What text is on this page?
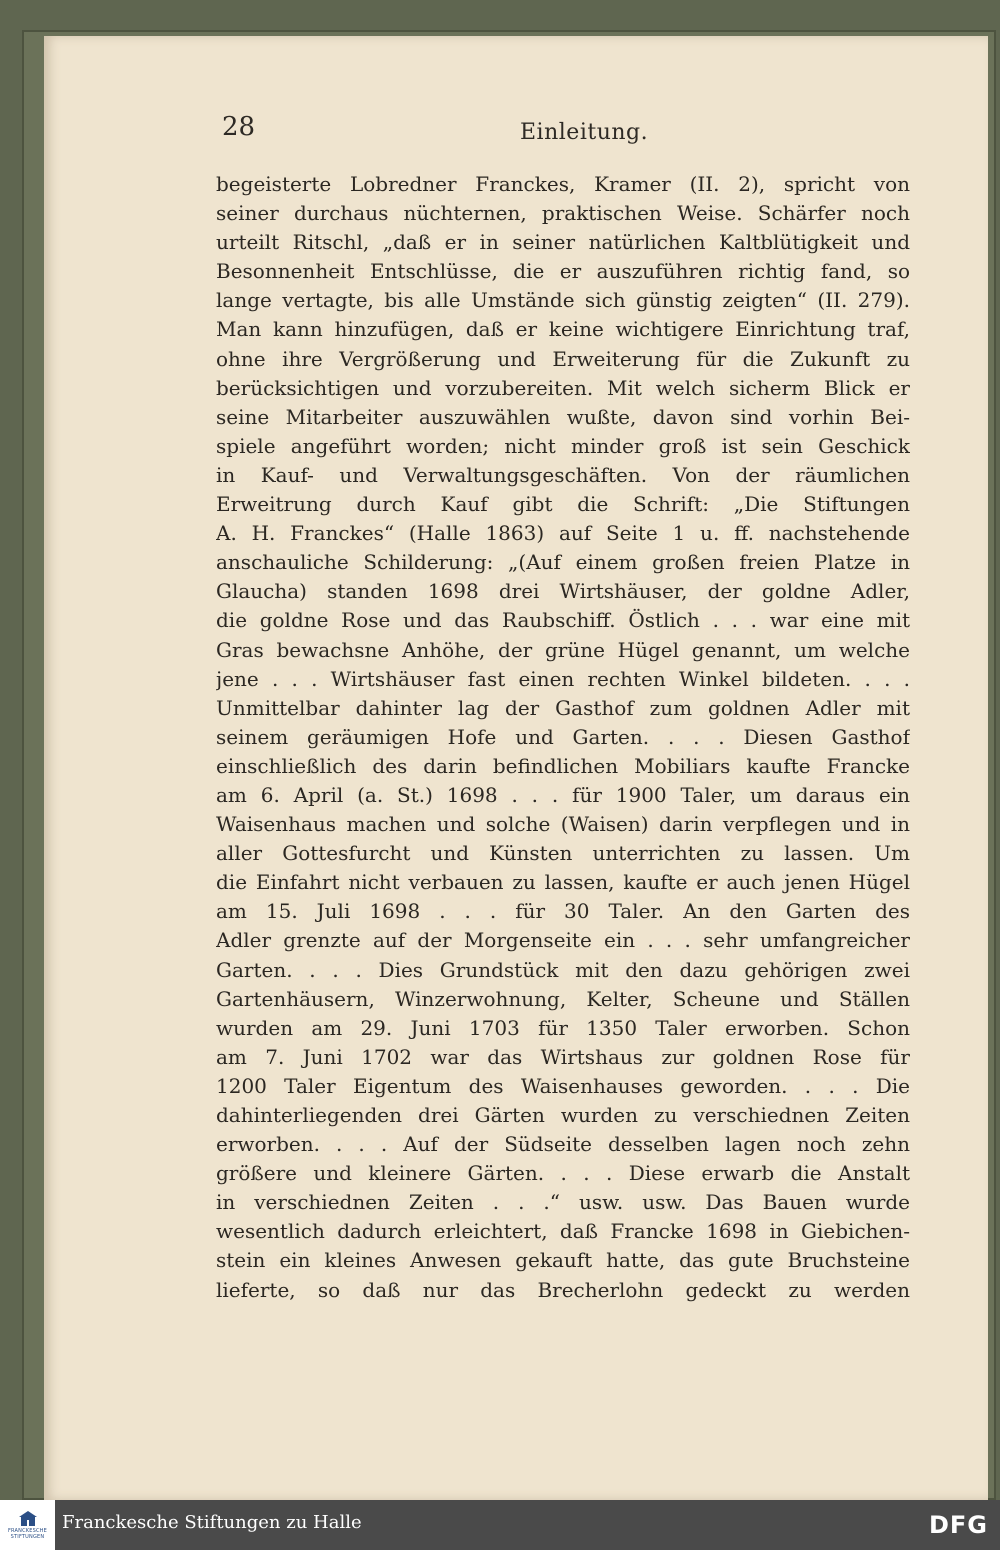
28	Einleitung.
begeisterte Lobredner Franckes, Kramer (II. 2), spricht von
seiner durchaus nüchternen, praktischen Weise. Schärfer noch
urteilt Ritschl, „daß er in seiner natürlichen Kaltblütigkeit und
Besonnenheit Entschlüsse, die er auszuführen richtig fand, so
lange vertagte, bis alle Umstände sich günstig zeigten“ (II. 279).
Man kann hinzufügen, daß er keine wichtigere Einrichtung traf,
ohne ihre Vergrößerung und Erweiterung für die Zukunft zu
berücksichtigen und vorzubereiten. Mit welch sicherm Blick er
seine Mitarbeiter auszuwählen wußte, davon sind vorhin Bei-
spiele angeführt worden; nicht minder groß ist sein Geschick
in Kauf- und Verwaltungsgeschäften. Von der räumlichen
Erweitrung durch Kauf gibt die Schrift: „Die Stiftungen
A. H. Franckes“ (Halle 1863) auf Seite 1 u. ff. nachstehende
anschauliche Schilderung: „(Auf einem großen freien Platze in
Glaucha) standen 1698 drei Wirtshäuser, der goldne Adler,
die goldne Rose und das Raubschiff. Östlich . . . war eine mit
Gras bewachsne Anhöhe, der grüne Hügel genannt, um welche
jene . . . Wirtshäuser fast einen rechten Winkel bildeten. . . .
Unmittelbar dahinter lag der Gasthof zum goldnen Adler mit
seinem geräumigen Hofe und Garten. . . . Diesen Gasthof
einschließlich des darin befindlichen Mobiliars kaufte Francke
am 6. April (a. St.) 1698 . . . für 1900 Taler, um daraus ein
Waisenhaus machen und solche (Waisen) darin verpflegen und in
aller Gottesfurcht und Künsten unterrichten zu lassen. Um
die Einfahrt nicht verbauen zu lassen, kaufte er auch jenen Hügel
am 15. Juli 1698 . . . für 30 Taler. An den Garten des
Adler grenzte auf der Morgenseite ein . . . sehr umfangreicher
Garten. . . . Dies Grundstück mit den dazu gehörigen zwei
Gartenhäusern, Winzerwohnung, Kelter, Scheune und Ställen
wurden am 29. Juni 1703 für 1350 Taler erworben. Schon
am 7. Juni 1702 war das Wirtshaus zur goldnen Rose für
1200 Taler Eigentum des Waisenhauses geworden. . . . Die
dahinterliegenden drei Gärten wurden zu verschiednen Zeiten
erworben. . . . Auf der Südseite desselben lagen noch zehn
größere und kleinere Gärten. . . . Diese erwarb die Anstalt
in verschiednen Zeiten . . .“ usw. usw. Das Bauen wurde
wesentlich dadurch erleichtert, daß Francke 1698 in Giebichen-
stein ein kleines Anwesen gekauft hatte, das gute Bruchsteine
lieferte, so daß nur das Brecherlohn gedeckt zu werden
FRANCKESCHE
STIFTUNGEN
Franckesche Stiftungen zu Halle	DFG
